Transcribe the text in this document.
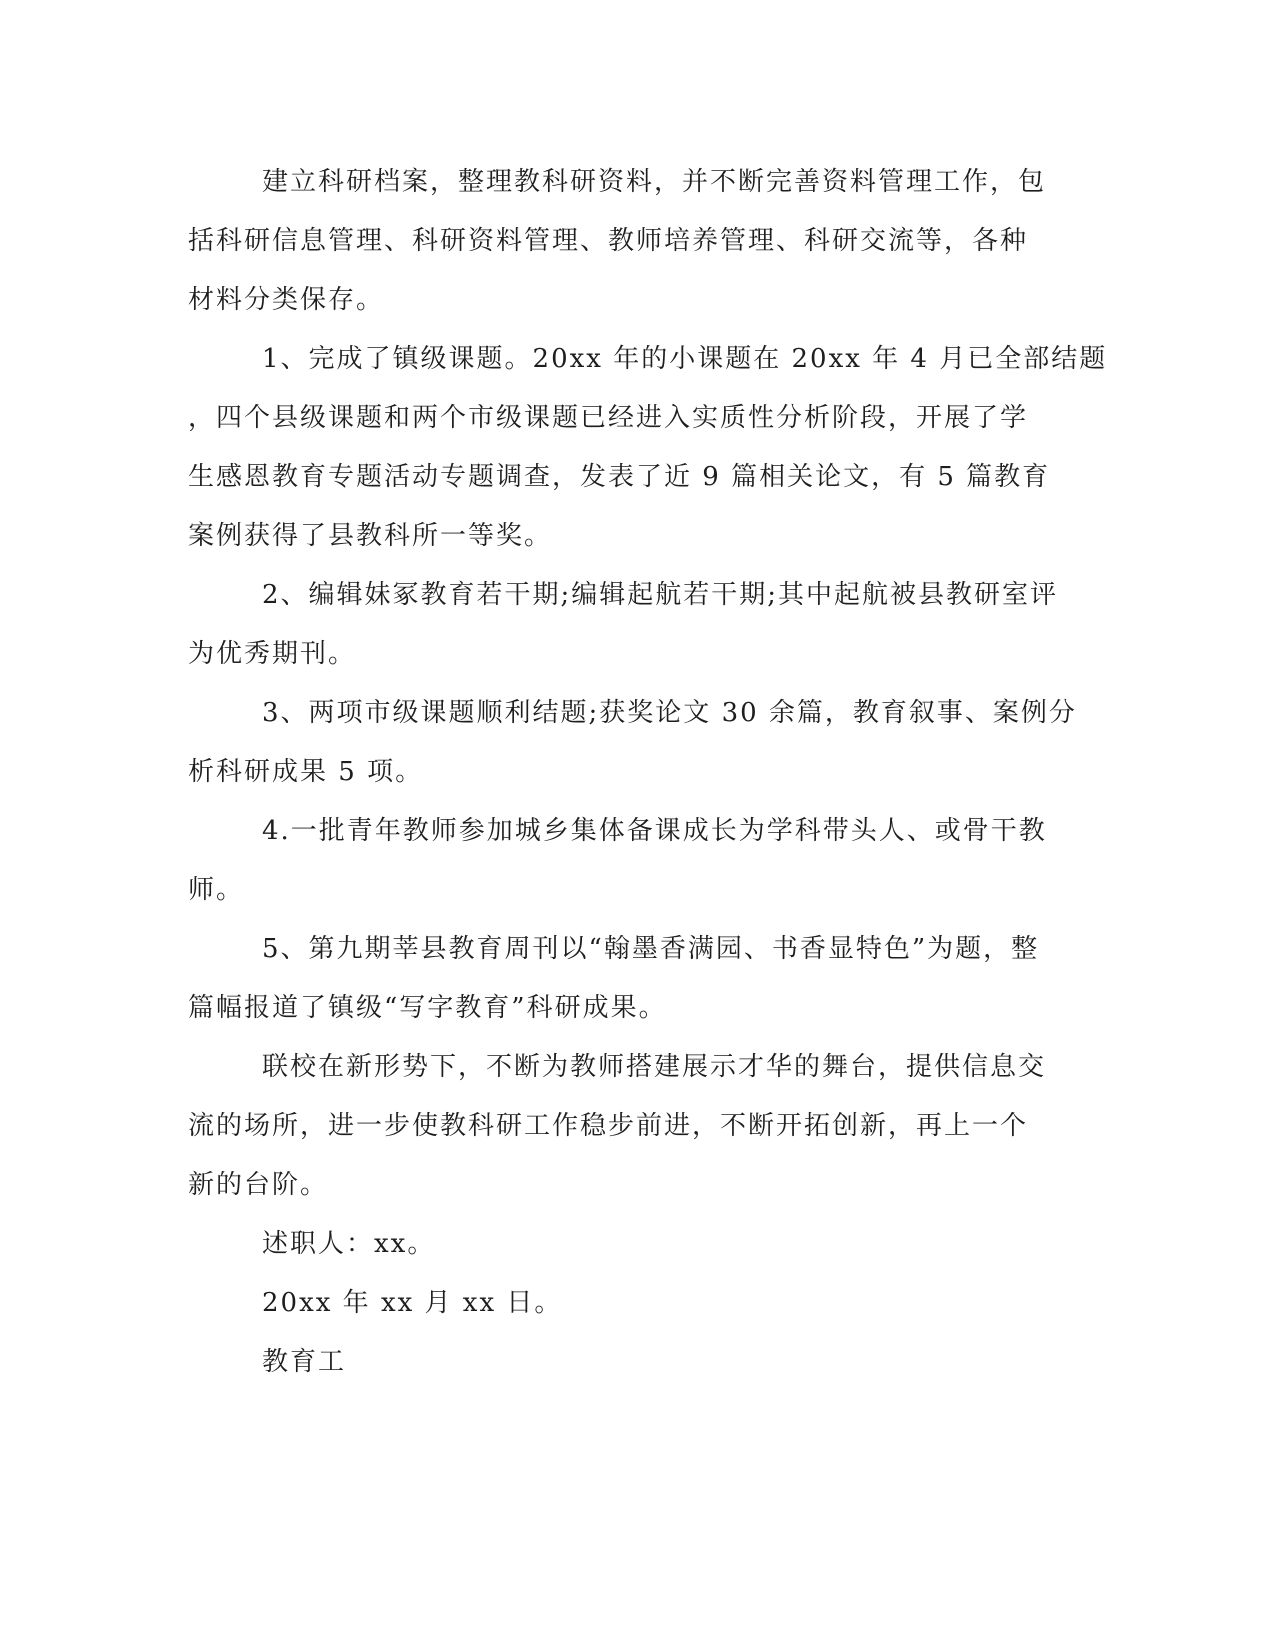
建立科研档案，整理教科研资料，并不断完善资料管理工作，包
括科研信息管理、科研资料管理、教师培养管理、科研交流等，各种
材料分类保存。
1、完成了镇级课题。20xx 年的小课题在 20xx 年 4 月已全部结题
，四个县级课题和两个市级课题已经进入实质性分析阶段，开展了学
生感恩教育专题活动专题调查，发表了近 9 篇相关论文，有 5 篇教育
案例获得了县教科所一等奖。
2、编辑妹冢教育若干期;编辑起航若干期;其中起航被县教研室评
为优秀期刊。
3、两项市级课题顺利结题;获奖论文 30 余篇，教育叙事、案例分
析科研成果 5 项。
4.一批青年教师参加城乡集体备课成长为学科带头人、或骨干教
师。
5、第九期莘县教育周刊以“翰墨香满园、书香显特色”为题，整
篇幅报道了镇级“写字教育”科研成果。
联校在新形势下，不断为教师搭建展示才华的舞台，提供信息交
流的场所，进一步使教科研工作稳步前进，不断开拓创新，再上一个
新的台阶。
述职人：xx。
20xx 年 xx 月 xx 日。
教育工
